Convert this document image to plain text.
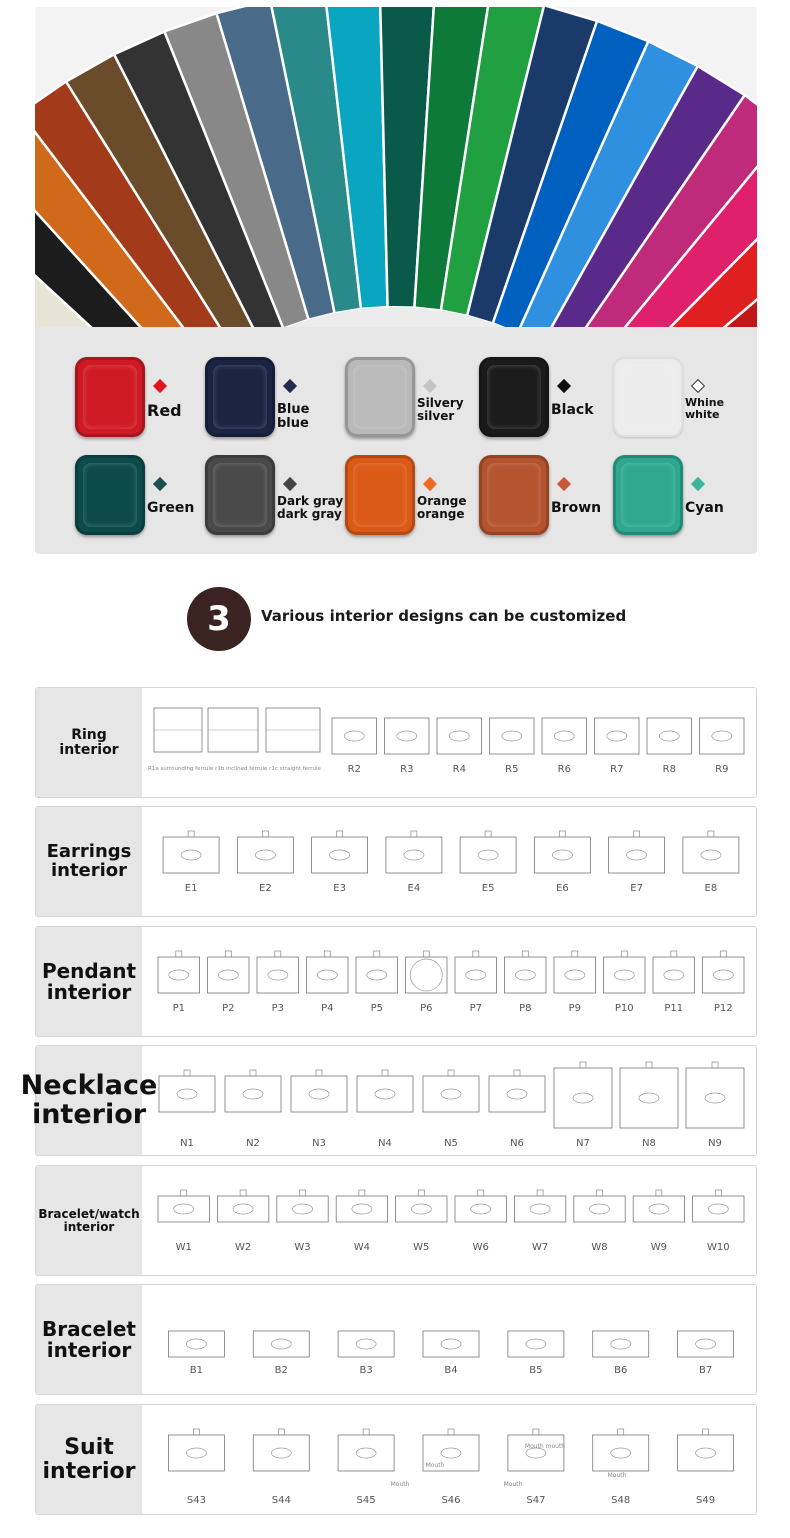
Red	Blue blue
Silvery
silver	Black	Whine
white
Green	Dark gray
dark gray
Orange
orange	Brown	Cyan
3	Various interior designs can be customized
Ring
interior
R1a surrounding ferrule r1b inclined ferrule r1c straight ferrule	R2	R3	R4	R5	R6	R7	R8	R9
Earrings
interior
E1	E2	E3	E4	E5	E6	E7	E8
Pendant
interior
P1	P2	P3	P4	P5	P6	P7	P8	P9	P10	P11	P12
Necklace
interior
N1	N2	N3	N4	N5	N6	N7	N8	N9
Bracelet/watch
interior
W1	W2	W3	W4	W5	W6	W7	W8	W9	W10
Bracelet
interior
B1	B2	B3	B4	B5	B6	B7
Suit
interior
S43	S44	S45	S46	S47	S48	S49
Mouth
Mouth mouth
Mouth	Mouth
Mouth
